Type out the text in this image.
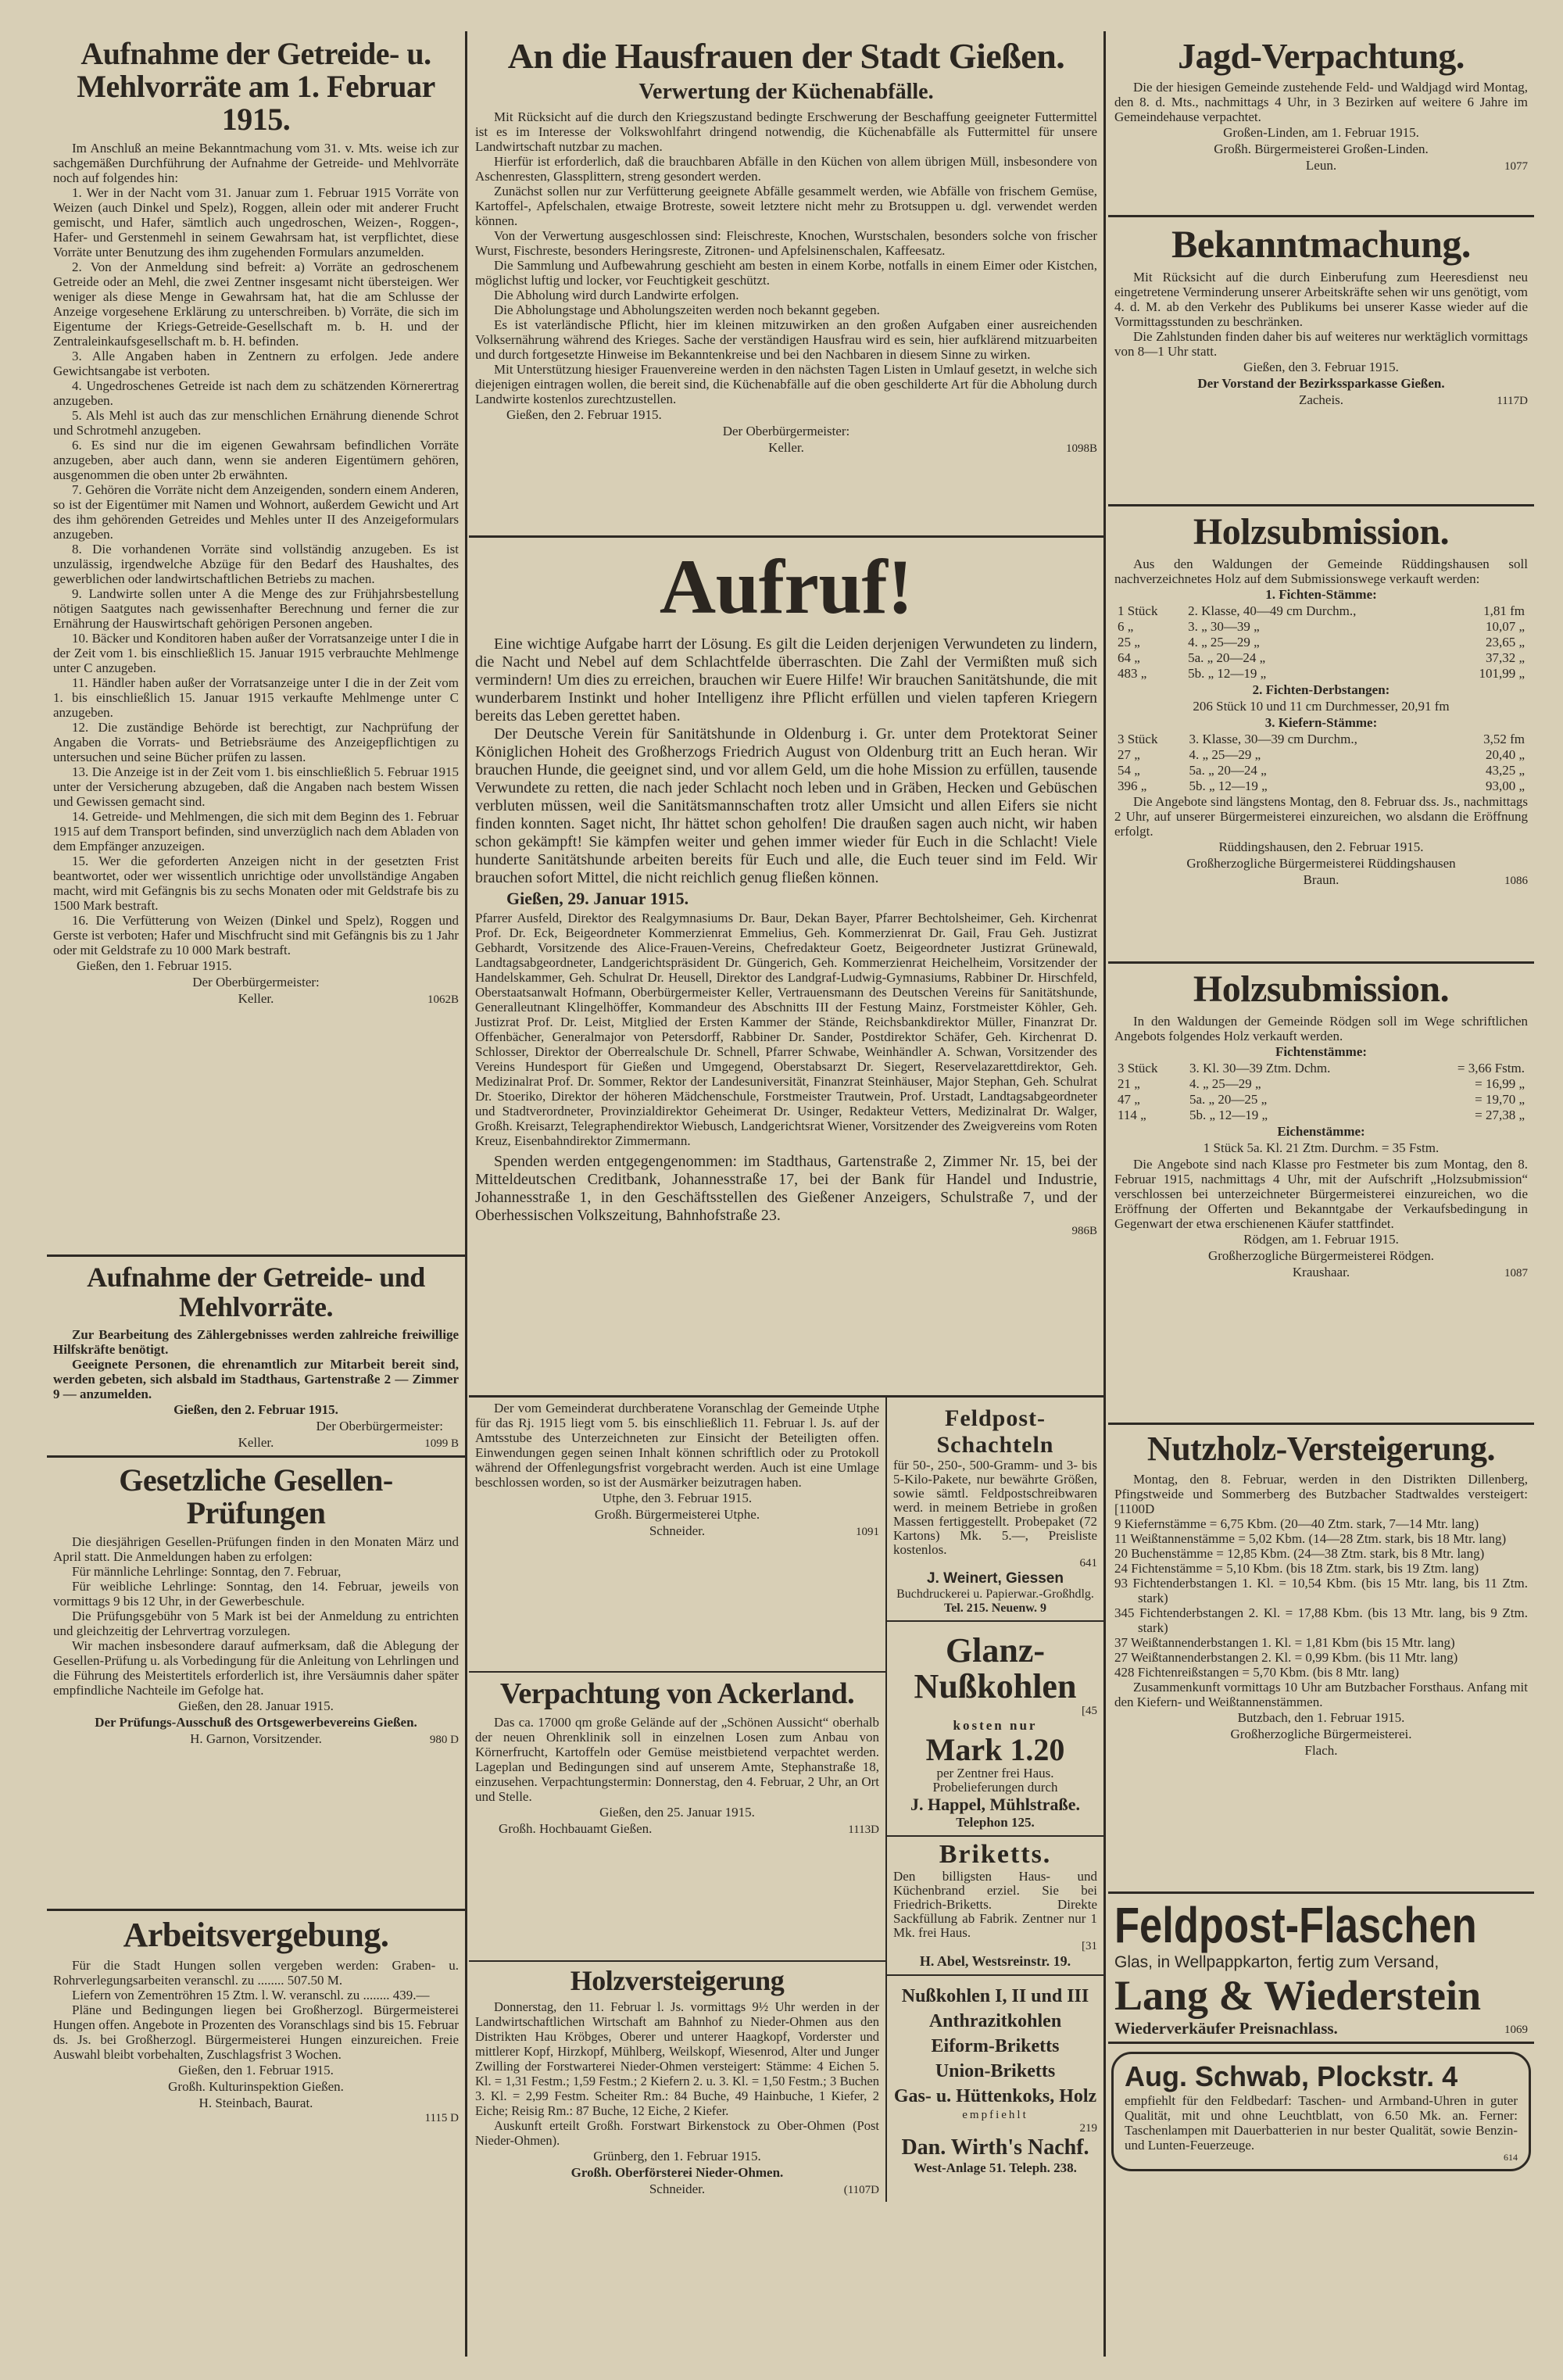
Aufnahme der Getreide- u. Mehlvorräte am 1. Februar 1915.

Im Anschluß an meine Bekanntmachung vom 31. v. Mts. weise ich zur sachgemäßen Durchführung der Aufnahme der Getreide- und Mehlvorräte noch auf folgendes hin:

1. Wer in der Nacht vom 31. Januar zum 1. Februar 1915 Vorräte von Weizen (auch Dinkel und Spelz), Roggen, allein oder mit anderer Frucht gemischt, und Hafer, sämtlich auch ungedroschen, Weizen-, Roggen-, Hafer- und Gerstenmehl in seinem Gewahrsam hat, ist verpflichtet, diese Vorräte unter Benutzung des ihm zugehenden Formulars anzumelden.

2. Von der Anmeldung sind befreit: a) Vorräte an gedroschenem Getreide oder an Mehl, die zwei Zentner insgesamt nicht übersteigen. Wer weniger als diese Menge in Gewahrsam hat, hat die am Schlusse der Anzeige vorgesehene Erklärung zu unterschreiben. b) Vorräte, die sich im Eigentume der Kriegs-Getreide-Gesellschaft m. b. H. und der Zentraleinkaufsgesellschaft m. b. H. befinden.

3. Alle Angaben haben in Zentnern zu erfolgen. Jede andere Gewichtsangabe ist verboten.

4. Ungedroschenes Getreide ist nach dem zu schätzenden Körnerertrag anzugeben.

5. Als Mehl ist auch das zur menschlichen Ernährung dienende Schrot und Schrotmehl anzugeben.

6. Es sind nur die im eigenen Gewahrsam befindlichen Vorräte anzugeben, aber auch dann, wenn sie anderen Eigentümern gehören, ausgenommen die oben unter 2b erwähnten.

7. Gehören die Vorräte nicht dem Anzeigenden, sondern einem Anderen, so ist der Eigentümer mit Namen und Wohnort, außerdem Gewicht und Art des ihm gehörenden Getreides und Mehles unter II des Anzeigeformulars anzugeben.

8. Die vorhandenen Vorräte sind vollständig anzugeben. Es ist unzulässig, irgendwelche Abzüge für den Bedarf des Haushaltes, des gewerblichen oder landwirtschaftlichen Betriebs zu machen.

9. Landwirte sollen unter A die Menge des zur Frühjahrsbestellung nötigen Saatgutes nach gewissenhafter Berechnung und ferner die zur Ernährung der Hauswirtschaft gehörigen Personen angeben.

10. Bäcker und Konditoren haben außer der Vorratsanzeige unter I die in der Zeit vom 1. bis einschließlich 15. Januar 1915 verbrauchte Mehlmenge unter C anzugeben.

11. Händler haben außer der Vorratsanzeige unter I die in der Zeit vom 1. bis einschließlich 15. Januar 1915 verkaufte Mehlmenge unter C anzugeben.

12. Die zuständige Behörde ist berechtigt, zur Nachprüfung der Angaben die Vorrats- und Betriebsräume des Anzeigepflichtigen zu untersuchen und seine Bücher prüfen zu lassen.

13. Die Anzeige ist in der Zeit vom 1. bis einschließlich 5. Februar 1915 unter der Versicherung abzugeben, daß die Angaben nach bestem Wissen und Gewissen gemacht sind.

14. Getreide- und Mehlmengen, die sich mit dem Beginn des 1. Februar 1915 auf dem Transport befinden, sind unverzüglich nach dem Abladen von dem Empfänger anzuzeigen.

15. Wer die geforderten Anzeigen nicht in der gesetzten Frist beantwortet, oder wer wissentlich unrichtige oder unvollständige Angaben macht, wird mit Gefängnis bis zu sechs Monaten oder mit Geldstrafe bis zu 1500 Mark bestraft.

16. Die Verfütterung von Weizen (Dinkel und Spelz), Roggen und Gerste ist verboten; Hafer und Mischfrucht sind mit Gefängnis bis zu 1 Jahr oder mit Geldstrafe zu 10 000 Mark bestraft.

Gießen, den 1. Februar 1915.
Der Oberbürgermeister:
Keller.	1062B
Aufnahme der Getreide- und Mehlvorräte.

Zur Bearbeitung des Zählergebnisses werden zahlreiche freiwillige Hilfskräfte benötigt.

Geeignete Personen, die ehrenamtlich zur Mitarbeit bereit sind, werden gebeten, sich alsbald im Stadthaus, Gartenstraße 2 — Zimmer 9 — anzumelden.

Gießen, den 2. Februar 1915.
Der Oberbürgermeister:
Keller.	1099 B
Gesetzliche Gesellen-Prüfungen

Die diesjährigen Gesellen-Prüfungen finden in den Monaten März und April statt. Die Anmeldungen haben zu erfolgen:

Für männliche Lehrlinge: Sonntag, den 7. Februar,

Für weibliche Lehrlinge: Sonntag, den 14. Februar, jeweils von vormittags 9 bis 12 Uhr, in der Gewerbeschule.

Die Prüfungsgebühr von 5 Mark ist bei der Anmeldung zu entrichten und gleichzeitig der Lehrvertrag vorzulegen.

Wir machen insbesondere darauf aufmerksam, daß die Ablegung der Gesellen-Prüfung u. als Vorbedingung für die Anleitung von Lehrlingen und die Führung des Meistertitels erforderlich ist, ihre Versäumnis daher später empfindliche Nachteile im Gefolge hat.

Gießen, den 28. Januar 1915.
Der Prüfungs-Ausschuß des Ortsgewerbevereins Gießen.
H. Garnon, Vorsitzender.	980 D
Arbeitsvergebung.

Für die Stadt Hungen sollen vergeben werden: Graben- u. Rohrverlegungsarbeiten veranschl. zu ........ 507.50 M.

Liefern von Zementröhren 15 Ztm. l. W. veranschl. zu ........ 439.—

Pläne und Bedingungen liegen bei Großherzogl. Bürgermeisterei Hungen offen. Angebote in Prozenten des Voranschlags sind bis 15. Februar ds. Js. bei Großherzogl. Bürgermeisterei Hungen einzureichen. Freie Auswahl bleibt vorbehalten, Zuschlagsfrist 3 Wochen.

Gießen, den 1. Februar 1915.
Großh. Kulturinspektion Gießen.
H. Steinbach, Baurat.
1115 D
An die Hausfrauen der Stadt Gießen.
Verwertung der Küchenabfälle.

Mit Rücksicht auf die durch den Kriegszustand bedingte Erschwerung der Beschaffung geeigneter Futtermittel ist es im Interesse der Volkswohlfahrt dringend notwendig, die Küchenabfälle als Futtermittel für unsere Landwirtschaft nutzbar zu machen.

Hierfür ist erforderlich, daß die brauchbaren Abfälle in den Küchen von allem übrigen Müll, insbesondere von Aschenresten, Glassplittern, streng gesondert werden.

Zunächst sollen nur zur Verfütterung geeignete Abfälle gesammelt werden, wie Abfälle von frischem Gemüse, Kartoffel-, Apfelschalen, etwaige Brotreste, soweit letztere nicht mehr zu Brotsuppen u. dgl. verwendet werden können.

Von der Verwertung ausgeschlossen sind: Fleischreste, Knochen, Wurstschalen, besonders solche von frischer Wurst, Fischreste, besonders Heringsreste, Zitronen- und Apfelsinenschalen, Kaffeesatz.

Die Sammlung und Aufbewahrung geschieht am besten in einem Korbe, notfalls in einem Eimer oder Kistchen, möglichst luftig und locker, vor Feuchtigkeit geschützt.

Die Abholung wird durch Landwirte erfolgen.

Die Abholungstage und Abholungszeiten werden noch bekannt gegeben.

Es ist vaterländische Pflicht, hier im kleinen mitzuwirken an den großen Aufgaben einer ausreichenden Volksernährung während des Krieges. Sache der verständigen Hausfrau wird es sein, hier aufklärend mitzuarbeiten und durch fortgesetzte Hinweise im Bekanntenkreise und bei den Nachbaren in diesem Sinne zu wirken.

Mit Unterstützung hiesiger Frauenvereine werden in den nächsten Tagen Listen in Umlauf gesetzt, in welche sich diejenigen eintragen wollen, die bereit sind, die Küchenabfälle auf die oben geschilderte Art für die Abholung durch Landwirte kostenlos zurechtzustellen.

Gießen, den 2. Februar 1915.
Der Oberbürgermeister:
Keller.	1098B
Aufruf!

Eine wichtige Aufgabe harrt der Lösung. Es gilt die Leiden derjenigen Verwundeten zu lindern, die Nacht und Nebel auf dem Schlachtfelde überraschten. Die Zahl der Vermißten muß sich vermindern! Um dies zu erreichen, brauchen wir Euere Hilfe! Wir brauchen Sanitätshunde, die mit wunderbarem Instinkt und hoher Intelligenz ihre Pflicht erfüllen und vielen tapferen Kriegern bereits das Leben gerettet haben.

Der Deutsche Verein für Sanitätshunde in Oldenburg i. Gr. unter dem Protektorat Seiner Königlichen Hoheit des Großherzogs Friedrich August von Oldenburg tritt an Euch heran. Wir brauchen Hunde, die geeignet sind, und vor allem Geld, um die hohe Mission zu erfüllen, tausende Verwundete zu retten, die nach jeder Schlacht noch leben und in Gräben, Hecken und Gebüschen verbluten müssen, weil die Sanitätsmannschaften trotz aller Umsicht und allen Eifers sie nicht finden konnten. Saget nicht, Ihr hättet schon geholfen! Die draußen sagen auch nicht, wir haben schon gekämpft! Sie kämpfen weiter und gehen immer wieder für Euch in die Schlacht! Viele hunderte Sanitätshunde arbeiten bereits für Euch und alle, die Euch teuer sind im Feld. Wir brauchen sofort Mittel, die nicht reichlich genug fließen können.

Gießen, 29. Januar 1915.

Pfarrer Ausfeld, Direktor des Realgymnasiums Dr. Baur, Dekan Bayer, Pfarrer Bechtolsheimer, Geh. Kirchenrat Prof. Dr. Eck, Beigeordneter Kommerzienrat Emmelius, Geh. Kommerzienrat Dr. Gail, Frau Geh. Justizrat Gebhardt, Vorsitzende des Alice-Frauen-Vereins, Chefredakteur Goetz, Beigeordneter Justizrat Grünewald, Landtagsabgeordneter, Landgerichtspräsident Dr. Güngerich, Geh. Kommerzienrat Heichelheim, Vorsitzender der Handelskammer, Geh. Schulrat Dr. Heusell, Direktor des Landgraf-Ludwig-Gymnasiums, Rabbiner Dr. Hirschfeld, Oberstaatsanwalt Hofmann, Oberbürgermeister Keller, Vertrauensmann des Deutschen Vereins für Sanitätshunde, Generalleutnant Klingelhöffer, Kommandeur des Abschnitts III der Festung Mainz, Forstmeister Köhler, Geh. Justizrat Prof. Dr. Leist, Mitglied der Ersten Kammer der Stände, Reichsbankdirektor Müller, Finanzrat Dr. Offenbächer, Generalmajor von Petersdorff, Rabbiner Dr. Sander, Postdirektor Schäfer, Geh. Kirchenrat D. Schlosser, Direktor der Oberrealschule Dr. Schnell, Pfarrer Schwabe, Weinhändler A. Schwan, Vorsitzender des Vereins Hundesport für Gießen und Umgegend, Oberstabsarzt Dr. Siegert, Reservelazarettdirektor, Geh. Medizinalrat Prof. Dr. Sommer, Rektor der Landesuniversität, Finanzrat Steinhäuser, Major Stephan, Geh. Schulrat Dr. Stoeriko, Direktor der höheren Mädchenschule, Forstmeister Trautwein, Prof. Urstadt, Landtagsabgeordneter und Stadtverordneter, Provinzialdirektor Geheimerat Dr. Usinger, Redakteur Vetters, Medizinalrat Dr. Walger, Großh. Kreisarzt, Telegraphendirektor Wiebusch, Landgerichtsrat Wiener, Vorsitzender des Zweigvereins vom Roten Kreuz, Eisenbahndirektor Zimmermann.

Spenden werden entgegengenommen: im Stadthaus, Gartenstraße 2, Zimmer Nr. 15, bei der Mitteldeutschen Creditbank, Johannesstraße 17, bei der Bank für Handel und Industrie, Johannesstraße 1, in den Geschäftsstellen des Gießener Anzeigers, Schulstraße 7, und der Oberhessischen Volkszeitung, Bahnhofstraße 23.

986B

Der vom Gemeinderat durchberatene Voranschlag der Gemeinde Utphe für das Rj. 1915 liegt vom 5. bis einschließlich 11. Februar l. Js. auf der Amtsstube des Unterzeichneten zur Einsicht der Beteiligten offen. Einwendungen gegen seinen Inhalt können schriftlich oder zu Protokoll während der Offenlegungsfrist vorgebracht werden. Auch ist eine Umlage beschlossen worden, so ist der Ausmärker beizutragen haben.

Utphe, den 3. Februar 1915.
Großh. Bürgermeisterei Utphe.
Schneider.	1091
Verpachtung von Ackerland.

Das ca. 17000 qm große Gelände auf der „Schönen Aussicht“ oberhalb der neuen Ohrenklinik soll in einzelnen Losen zum Anbau von Körnerfrucht, Kartoffeln oder Gemüse meistbietend verpachtet werden. Lageplan und Bedingungen sind auf unserem Amte, Stephanstraße 18, einzusehen. Verpachtungstermin: Donnerstag, den 4. Februar, 2 Uhr, an Ort und Stelle.

Gießen, den 25. Januar 1915.
Großh. Hochbauamt Gießen.	1113D
Holzversteigerung

Donnerstag, den 11. Februar l. Js. vormittags 9½ Uhr werden in der Landwirtschaftlichen Wirtschaft am Bahnhof zu Nieder-Ohmen aus den Distrikten Hau Kröbges, Oberer und unterer Haagkopf, Vorderster und mittlerer Kopf, Hirzkopf, Mühlberg, Weilskopf, Wiesenrod, Alter und Junger Zwilling der Forstwarterei Nieder-Ohmen versteigert: Stämme: 4 Eichen 5. Kl. = 1,31 Festm.; 1,59 Festm.; 2 Kiefern 2. u. 3. Kl. = 1,50 Festm.; 3 Buchen 3. Kl. = 2,99 Festm. Scheiter Rm.: 84 Buche, 49 Hainbuche, 1 Kiefer, 2 Eiche; Reisig Rm.: 87 Buche, 12 Eiche, 2 Kiefer.

Auskunft erteilt Großh. Forstwart Birkenstock zu Ober-Ohmen (Post Nieder-Ohmen).

Grünberg, den 1. Februar 1915.
Großh. Oberförsterei Nieder-Ohmen.
Schneider.	(1107D
Feldpost-Schachteln

für 50-, 250-, 500-Gramm- und 3- bis 5-Kilo-Pakete, nur bewährte Größen, sowie sämtl. Feldpostschreibwaren werd. in meinem Betriebe in großen Massen fertiggestellt. Probepaket (72 Kartons) Mk. 5.—, Preisliste kostenlos.

641
J. Weinert, Giessen
Buchdruckerei u. Papierwar.-Großhdlg.
Tel. 215. Neuenw. 9
Glanz-
Nußkohlen
[45
kosten nur
Mark 1.20
per Zentner frei Haus. Probelieferungen durch
J. Happel, Mühlstraße.
Telephon 125.
Briketts.

Den billigsten Haus- und Küchenbrand erziel. Sie bei Friedrich-Briketts. Direkte Sackfüllung ab Fabrik. Zentner nur 1 Mk. frei Haus.

[31
H. Abel, Westsreinstr. 19.
Nußkohlen I, II und III
Anthrazitkohlen
Eiform-Briketts
Union-Briketts
Gas- u. Hüttenkoks, Holz
empfiehlt
219
Dan. Wirth's Nachf.
West-Anlage 51. Teleph. 238.
Jagd-Verpachtung.

Die der hiesigen Gemeinde zustehende Feld- und Waldjagd wird Montag, den 8. d. Mts., nachmittags 4 Uhr, in 3 Bezirken auf weitere 6 Jahre im Gemeindehause verpachtet.

Großen-Linden, am 1. Februar 1915.
Großh. Bürgermeisterei Großen-Linden.
Leun.	1077
Bekanntmachung.

Mit Rücksicht auf die durch Einberufung zum Heeresdienst neu eingetretene Verminderung unserer Arbeitskräfte sehen wir uns genötigt, vom 4. d. M. ab den Verkehr des Publikums bei unserer Kasse wieder auf die Vormittagsstunden zu beschränken.

Die Zahlstunden finden daher bis auf weiteres nur werktäglich vormittags von 8—1 Uhr statt.

Gießen, den 3. Februar 1915.
Der Vorstand der Bezirkssparkasse Gießen.
Zacheis.	1117D
Holzsubmission.

Aus den Waldungen der Gemeinde Rüddingshausen soll nachverzeichnetes Holz auf dem Submissionswege verkauft werden:

1. Fichten-Stämme:
1 Stück	2. Klasse, 40—49 cm Durchm.,	1,81 fm
6 „	3. „ 30—39 „	10,07 „
25 „	4. „ 25—29 „	23,65 „
64 „	5a. „ 20—24 „	37,32 „
483 „	5b. „ 12—19 „	101,99 „
2. Fichten-Derbstangen:
206 Stück 10 und 11 cm Durchmesser, 20,91 fm
3. Kiefern-Stämme:
3 Stück	3. Klasse, 30—39 cm Durchm.,	3,52 fm
27 „	4. „ 25—29 „	20,40 „
54 „	5a. „ 20—24 „	43,25 „
396 „	5b. „ 12—19 „	93,00 „

Die Angebote sind längstens Montag, den 8. Februar dss. Js., nachmittags 2 Uhr, auf unserer Bürgermeisterei einzureichen, wo alsdann die Eröffnung erfolgt.

Rüddingshausen, den 2. Februar 1915.
Großherzogliche Bürgermeisterei Rüddingshausen
Braun.	1086
Holzsubmission.

In den Waldungen der Gemeinde Rödgen soll im Wege schriftlichen Angebots folgendes Holz verkauft werden.

Fichtenstämme:
3 Stück	3. Kl. 30—39 Ztm. Dchm.	= 3,66 Fstm.
21 „	4. „ 25—29 „	= 16,99 „
47 „	5a. „ 20—25 „	= 19,70 „
114 „	5b. „ 12—19 „	= 27,38 „
Eichenstämme:
1 Stück 5a. Kl. 21 Ztm. Durchm. = 35 Fstm.

Die Angebote sind nach Klasse pro Festmeter bis zum Montag, den 8. Februar 1915, nachmittags 4 Uhr, mit der Aufschrift „Holzsubmission“ verschlossen bei unterzeichneter Bürgermeisterei einzureichen, wo die Eröffnung der Offerten und Bekanntgabe der Verkaufsbedingung in Gegenwart der etwa erschienenen Käufer stattfindet.

Rödgen, am 1. Februar 1915.
Großherzogliche Bürgermeisterei Rödgen.
Kraushaar.	1087
Nutzholz-Versteigerung.

Montag, den 8. Februar, werden in den Distrikten Dillenberg, Pfingstweide und Sommerberg des Butzbacher Stadtwaldes versteigert: [1100D

9 Kiefernstämme = 6,75 Kbm. (20—40 Ztm. stark, 7—14 Mtr. lang)

11 Weißtannenstämme = 5,02 Kbm. (14—28 Ztm. stark, bis 18 Mtr. lang)

20 Buchenstämme = 12,85 Kbm. (24—38 Ztm. stark, bis 8 Mtr. lang)

24 Fichtenstämme = 5,10 Kbm. (bis 18 Ztm. stark, bis 19 Ztm. lang)

93 Fichtenderbstangen 1. Kl. = 10,54 Kbm. (bis 15 Mtr. lang, bis 11 Ztm. stark)

345 Fichtenderbstangen 2. Kl. = 17,88 Kbm. (bis 13 Mtr. lang, bis 9 Ztm. stark)

37 Weißtannenderbstangen 1. Kl. = 1,81 Kbm (bis 15 Mtr. lang)

27 Weißtannenderbstangen 2. Kl. = 0,99 Kbm. (bis 11 Mtr. lang)

428 Fichtenreißstangen = 5,70 Kbm. (bis 8 Mtr. lang)

Zusammenkunft vormittags 10 Uhr am Butzbacher Forsthaus. Anfang mit den Kiefern- und Weißtannenstämmen.

Butzbach, den 1. Februar 1915.
Großherzogliche Bürgermeisterei.
Flach.
Feldpost-Flaschen
Glas, in Wellpappkarton, fertig zum Versand,
Lang & Wiederstein
Wiederverkäufer Preisnachlass.	1069
Aug. Schwab, Plockstr. 4

empfiehlt für den Feldbedarf: Taschen- und Armband-Uhren in guter Qualität, mit und ohne Leuchtblatt, von 6.50 Mk. an. Ferner: Taschenlampen mit Dauerbatterien in nur bester Qualität, sowie Benzin- und Lunten-Feuerzeuge.

614
